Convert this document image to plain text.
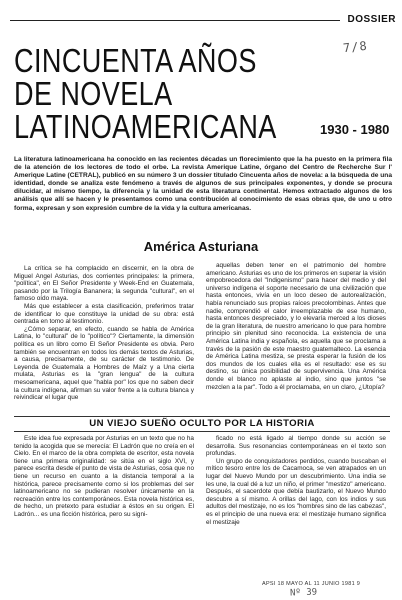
DOSSIER
7/8
CINCUENTA AÑOS
DE NOVELA
LATINOAMERICANA	1930 - 1980

La literatura latinoamericana ha conocido en las recientes décadas un florecimiento que la ha puesto en la primera fila de la atención de los lectores de todo el orbe. La revista Amerique Latine, órgano del Centro de Recherche Sur l' Amerique Latine (CETRAL), publicó en su número 3 un dossier titulado Cincuenta años de novela: a la búsqueda de una identidad, donde se analiza este fenómeno a través de algunos de sus principales exponentes, y donde se procura dilucidar, al mismo tiempo, la diferencia y la unidad de esta literatura continental. Hemos extractado algunos de los análisis que allí se hacen y le presentamos como una contribución al conocimiento de esas obras que, de uno u otro forma, expresan y son expresión cumbre de la vida y la cultura americanas.

América Asturiana

La crítica se ha complacido en discernir, en la obra de Miguel Angel Asturias, dos corrientes principales: la primera, "política", en El Señor Presidente y Week-End en Guatemala, pasando por la Trilogía Bananera; la segunda "cultural", en el famoso oído maya.

Más que establecer a esta clasificación, preferimos tratar de identificar lo que constituye la unidad de su obra: está centrada en tomo al testimonio.

¿Cómo separar, en efecto, cuando se habla de América Latina, lo "cultural" de lo "político"? Ciertamente, la dimensión política es un libro como El Señor Presidente es obvia. Pero también se encuentran en todos los demás textos de Asturias, a causa, precisamente, de su carácter de testimonio. De Leyenda de Guatemala a Hombres de Maíz y a Una cierta mulata, Asturias es la "gran lengua" de la cultura mesoamericana, aquel que "habla por" los que no saben decir la cultura indígena, afirman su valor frente a la cultura blanca y reivindicar el lugar que

aquellas deben tener en el patrimonio del hombre americano. Asturias es uno de los primeros en superar la visión empobrecedora del "Indigenismo" para hacer del medio y del universo indígena el soporte necesario de una civilización que hasta entonces, vivía en un loco deseo de autorealización, había renunciado sus propias raíces precolombinas. Antes que nadie, comprendió el calor irreemplazable de ese humano, hasta entonces despreciado, y lo elevaría merced a los dioses de la gran literatura, de nuestro americano lo que para hombre principio sin plenitud sino reconocida. La existencia de una América Latina india y española, es aquella que se proclama a través de la pasión de este maestro guatemalteco. La esencia de América Latina mestiza, se presta esperar la fusión de los dos mundos de los cuales ella es el resultado: ese es su destino, su única posibilidad de supervivencia. Una América donde el blanco no aplaste al indio, sino que juntos "se mezclen a la par". Todo a él proclamaba, en un claro, ¿Utopía?

UN VIEJO SUEÑO OCULTO POR LA HISTORIA

Este idea fue expresada por Asturias en un texto que no ha tenido la acogida que se merecía: El Ladrón que no creía en el Cielo. En el marco de la obra completa de escritor, esta novela tiene una primera originalidad: se sitúa en el siglo XVI, y parece escrita desde el punto de vista de Asturias, cosa que no tiene un recurso en cuanto a la distancia temporal a la histórica, parece precisamente como si los problemas del ser latinoamericano no se pudieran resolver únicamente en la recreación entre los contemporáneos. Esta novela histórica es, de hecho, un pretexto para estudiar a éstos en su origen. El Ladrón... es una ficción histórica, pero su signi-

ficado no está ligado al tiempo donde su acción se desarrolla. Sus resonancias contemporáneas en el texto son profundas.

Un grupo de conquistadores perdidos, cuando buscaban el mítico tesoro entre los de Cacamoca, se ven atrapados en un lugar del Nuevo Mundo por un descubrimiento. Una india se les une, la cual dé a luz un niño, el primer "mestizo" americano. Después, el sacerdote que debía bautizarlo, el Nuevo Mundo descubre a sí mismo. A orillas del lago, con los indios y sus adultos del mestizaje, no es los "hombres sino de las cabezas", es el principio de una nueva era: el mestizaje humano significa el mestizaje

APSI 18 MAYO AL 11 JUNIO 1981 9
Nº 39
